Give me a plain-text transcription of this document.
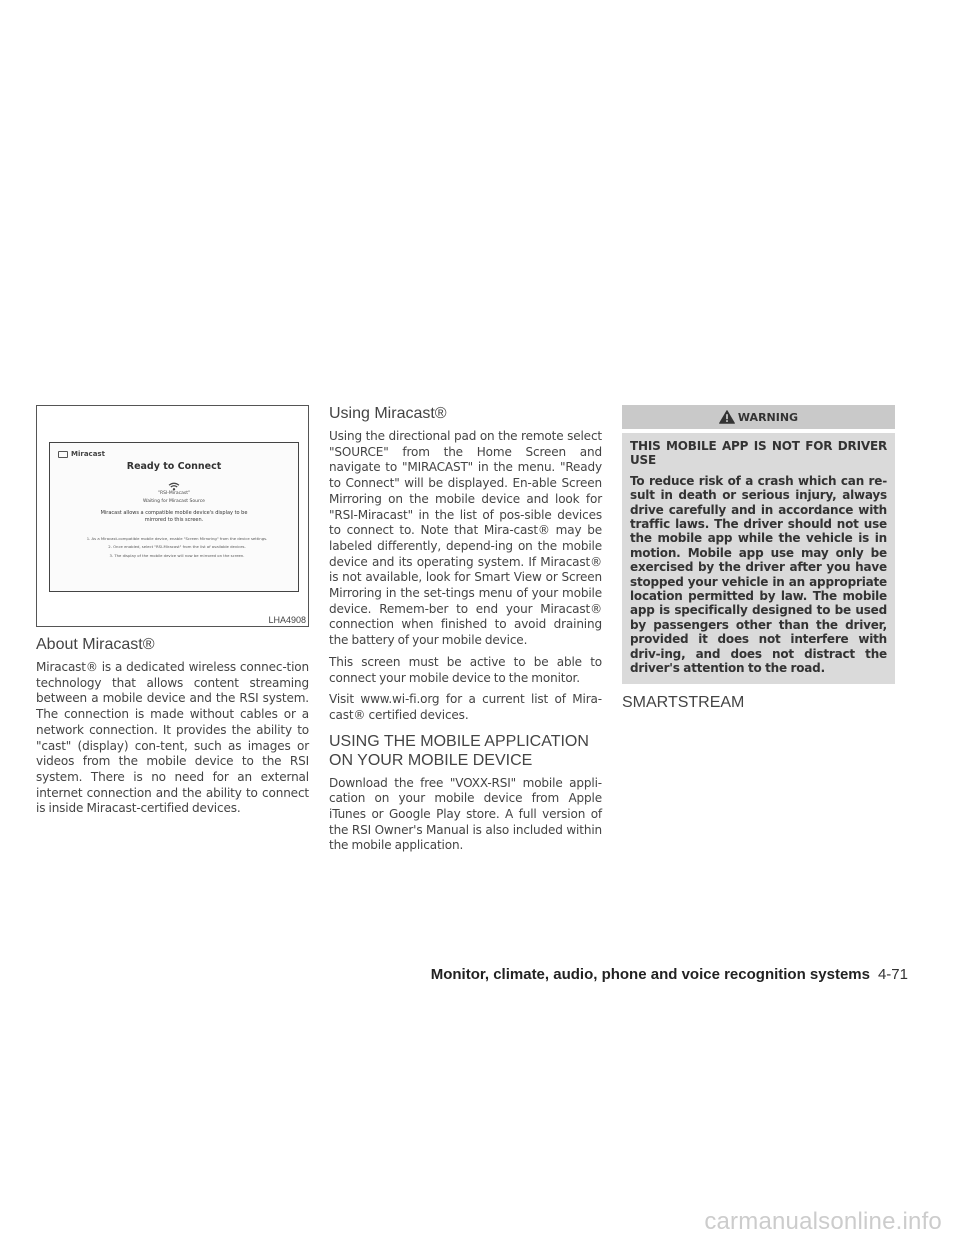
Miracast
Ready to Connect
"RSI-Miracast"
Waiting for Miracast Source
Miracast allows a compatible mobile device's display to be mirrored to this screen.

1. As a Miracast-compatible mobile device, enable "Screen Mirroring" from the device settings.

2. Once enabled, select "RSI-Miracast" from the list of available devices.

3. The display of the mobile device will now be mirrored on the screen.

LHA4908
About Miracast®

Miracast® is a dedicated wireless connec-tion technology that allows content streaming between a mobile device and the RSI system. The connection is made without cables or a network connection. It provides the ability to "cast" (display) con-tent, such as images or videos from the mobile device to the RSI system. There is no need for an external internet connection and the ability to connect is inside Miracast-certified devices.

Using Miracast®

Using the directional pad on the remote select "SOURCE" from the Home Screen and navigate to "MIRACAST" in the menu. "Ready to Connect" will be displayed. En-able Screen Mirroring on the mobile device and look for "RSI-Miracast" in the list of pos-sible devices to connect to. Note that Mira-cast® may be labeled differently, depend-ing on the mobile device and its operating system. If Miracast® is not available, look for Smart View or Screen Mirroring in the set-tings menu of your mobile device. Remem-ber to end your Miracast® connection when finished to avoid draining the battery of your mobile device.

This screen must be active to be able to connect your mobile device to the monitor.

Visit www.wi-fi.org for a current list of Mira-cast® certified devices.

USING THE MOBILE APPLICATION
ON YOUR MOBILE DEVICE

Download the free "VOXX-RSI" mobile appli-cation on your mobile device from Apple iTunes or Google Play store. A full version of the RSI Owner's Manual is also included within the mobile application.

WARNING

THIS MOBILE APP IS NOT FOR DRIVER USE

To reduce risk of a crash which can re-sult in death or serious injury, always drive carefully and in accordance with traffic laws. The driver should not use the mobile app while the vehicle is in motion. Mobile app use may only be exercised by the driver after you have stopped your vehicle in an appropriate location permitted by law. The mobile app is specifically designed to be used by passengers other than the driver, provided it does not interfere with driv-ing, and does not distract the driver's attention to the road.

SMARTSTREAM
Monitor, climate, audio, phone and voice recognition systems 4-71
carmanualsonline.info
